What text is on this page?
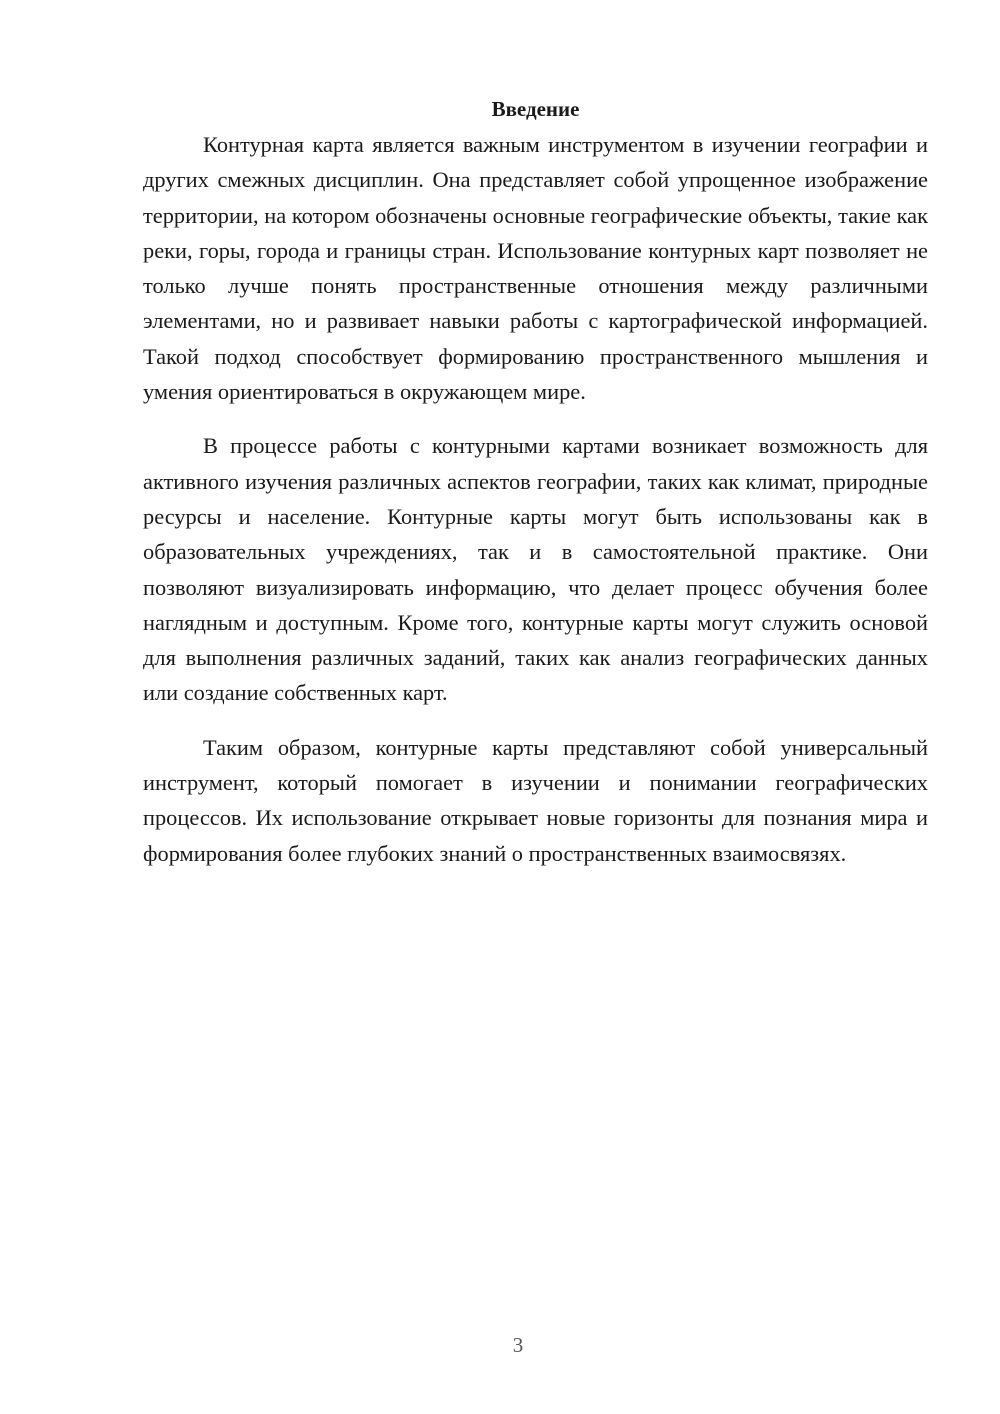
Введение

Контурная карта является важным инструментом в изучении географии и других смежных дисциплин. Она представляет собой упрощенное изображение территории, на котором обозначены основные географические объекты, такие как реки, горы, города и границы стран. Использование контурных карт позволяет не только лучше понять пространственные отношения между различными элементами, но и развивает навыки работы с картографической информацией. Такой подход способствует формированию пространственного мышления и умения ориентироваться в окружающем мире.

В процессе работы с контурными картами возникает возможность для активного изучения различных аспектов географии, таких как климат, природные ресурсы и население. Контурные карты могут быть использованы как в образовательных учреждениях, так и в самостоятельной практике. Они позволяют визуализировать информацию, что делает процесс обучения более наглядным и доступным. Кроме того, контурные карты могут служить основой для выполнения различных заданий, таких как анализ географических данных или создание собственных карт.

Таким образом, контурные карты представляют собой универсальный инструмент, который помогает в изучении и понимании географических процессов. Их использование открывает новые горизонты для познания мира и формирования более глубоких знаний о пространственных взаимосвязях.

3
